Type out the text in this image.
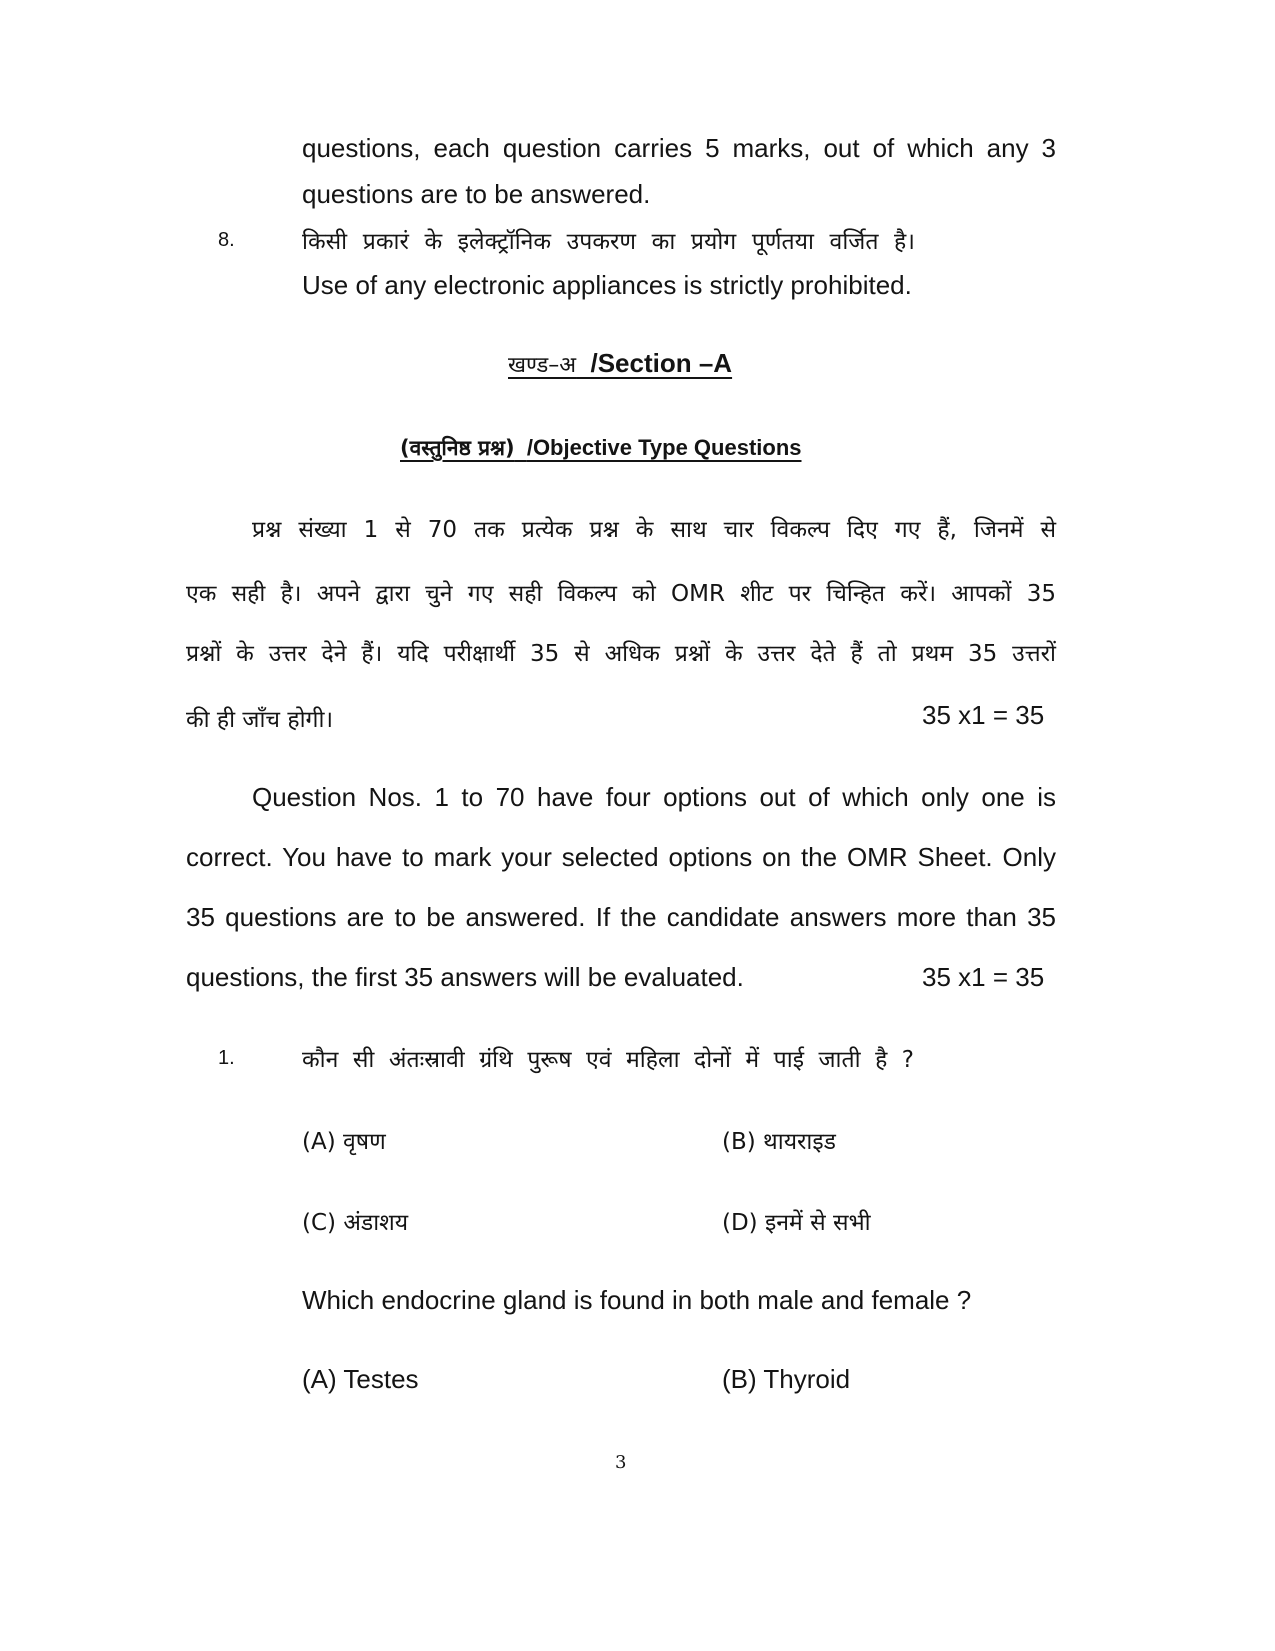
questions, each question carries 5 marks, out of which any 3
questions are to be answered.
8.	किसी प्रकारं के इलेक्ट्रॉनिक उपकरण का प्रयोग पूर्णतया वर्जित है।
Use of any electronic appliances is strictly prohibited.
खण्ड–अ /Section –A
(वस्तुनिष्ठ प्रश्न) /Objective Type Questions
प्रश्न संख्या 1 से 70 तक प्रत्येक प्रश्न के साथ चार विकल्प दिए गए हैं, जिनमें से
एक सही है। अपने द्वारा चुने गए सही विकल्प को OMR शीट पर चिन्हित करें। आपकों 35
प्रश्नों के उत्तर देने हैं। यदि परीक्षार्थी 35 से अधिक प्रश्नों के उत्तर देते हैं तो प्रथम 35 उत्तरों
की ही जाँच होगी।	35 x1 = 35
Question Nos. 1 to 70 have four options out of which only one is
correct. You have to mark your selected options on the OMR Sheet. Only
35 questions are to be answered. If the candidate answers more than 35
questions, the first 35 answers will be evaluated.	35 x1 = 35
1.	कौन सी अंतःस्रावी ग्रंथि पुरूष एवं महिला दोनों में पाई जाती है ?
(A) वृषण	(B) थायराइड
(C) अंडाशय	(D) इनमें से सभी
Which endocrine gland is found in both male and female ?
(A) Testes	(B) Thyroid
3
